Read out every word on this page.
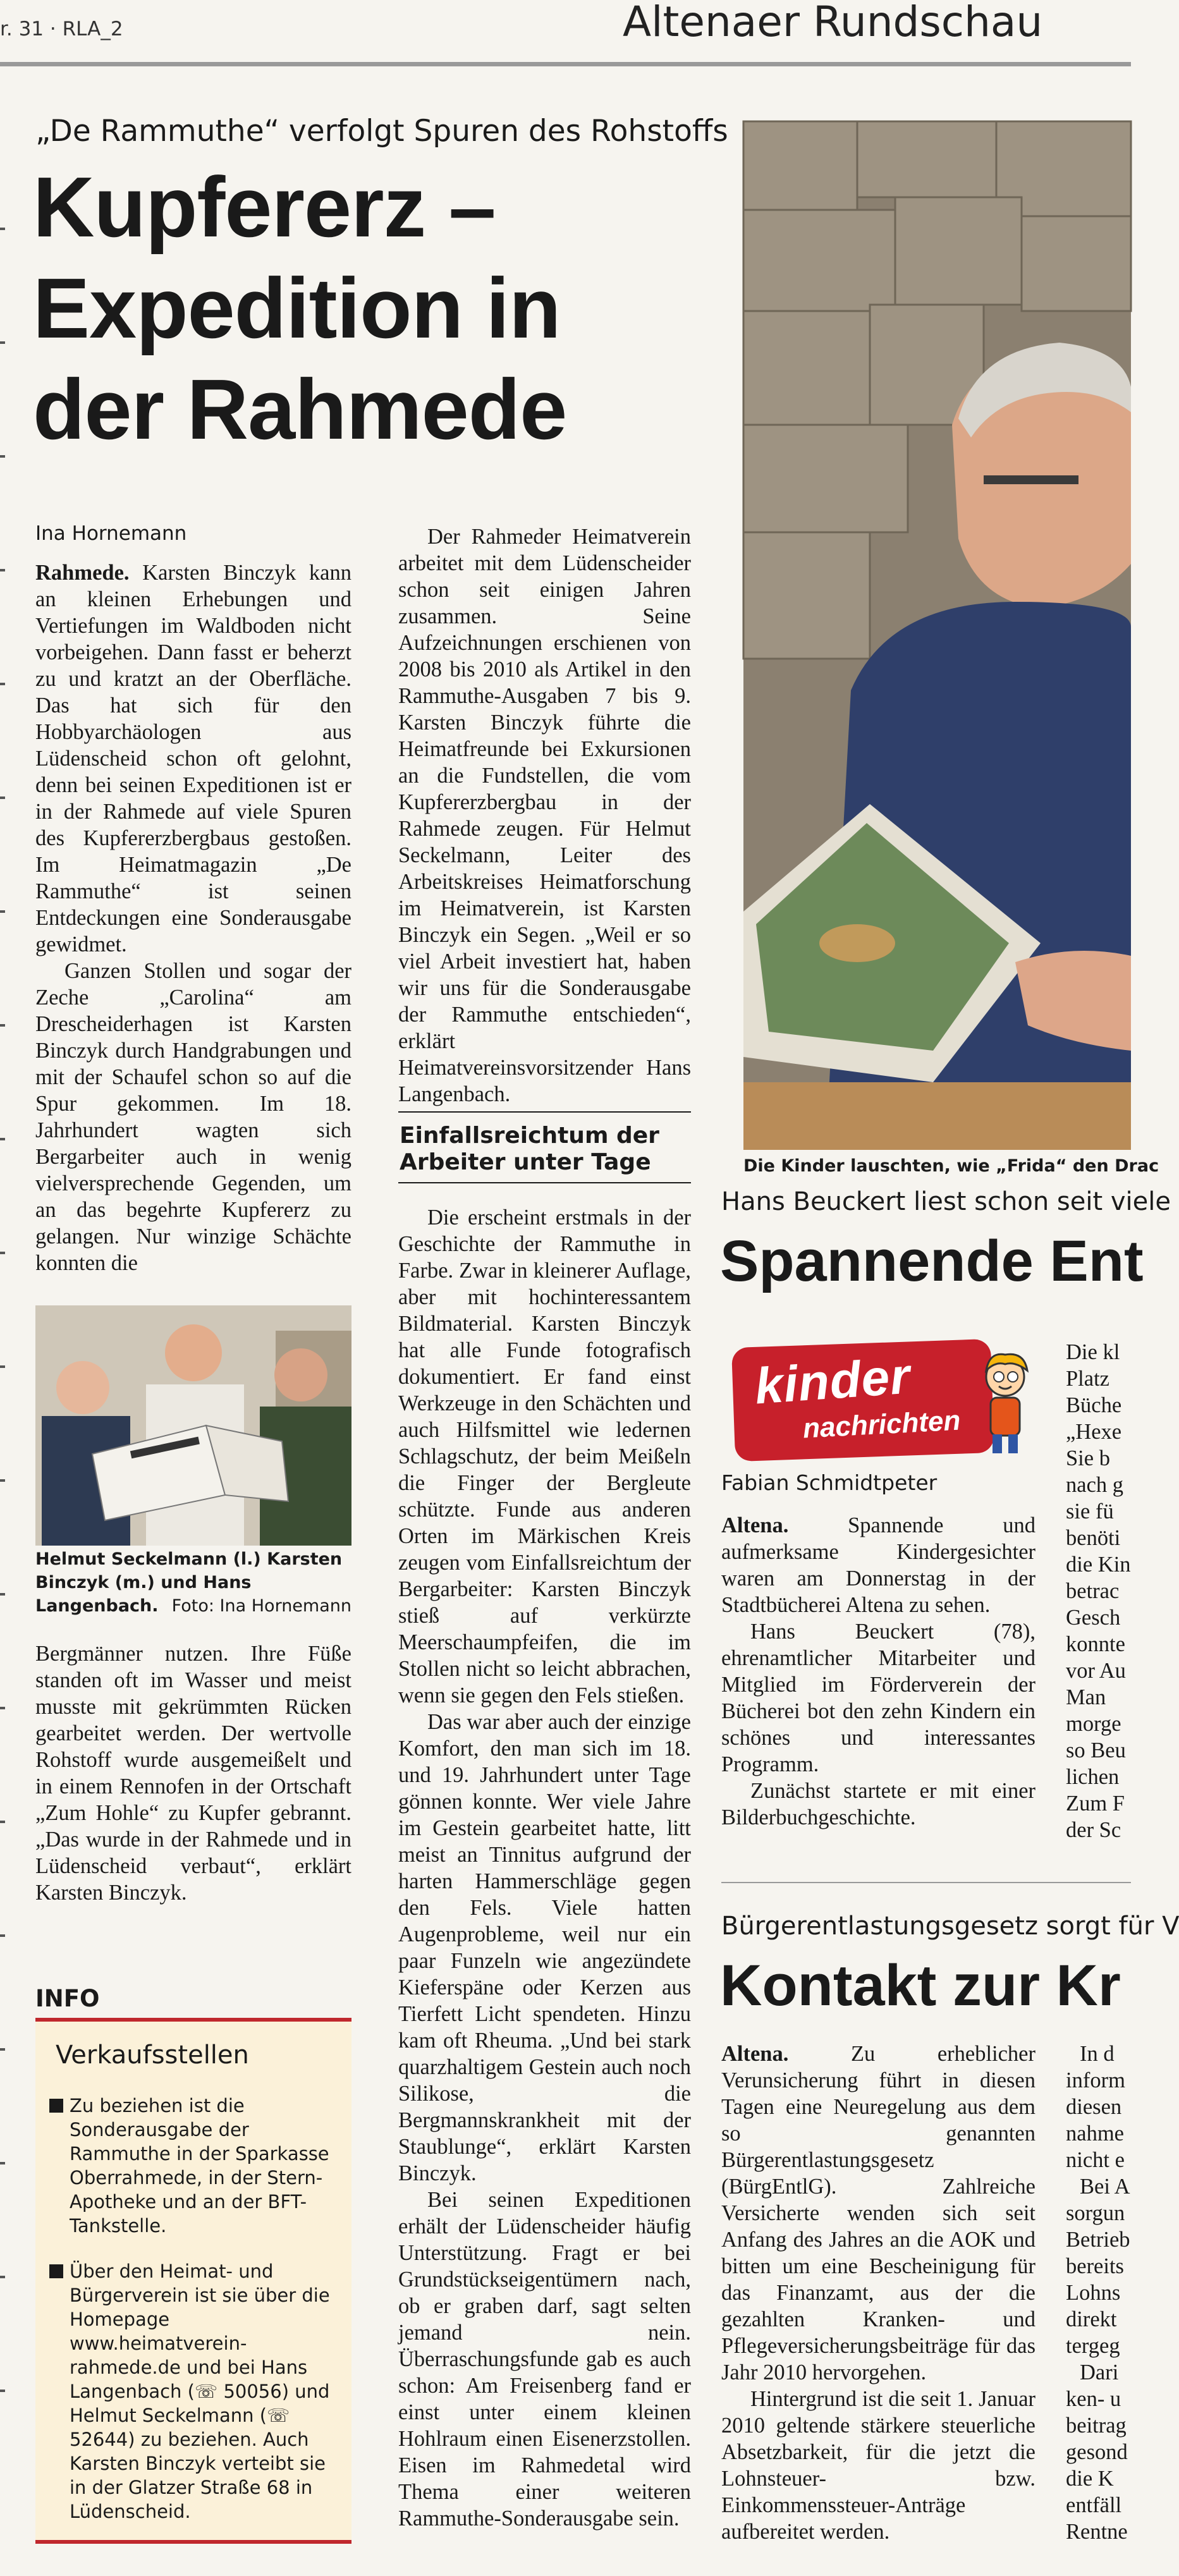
r. 31 · RLA_2	Altenaer Rundschau
„De Rammuthe“ verfolgt Spuren des Rohstoffs
Kupfererz –
Expedition in
der Rahmede
Ina Hornemann

Rahmede. Karsten Binczyk kann an kleinen Erhebungen und Vertiefungen im Waldboden nicht vorbeigehen. Dann fasst er beherzt zu und kratzt an der Oberfläche. Das hat sich für den Hobbyarchäologen aus Lüdenscheid schon oft gelohnt, denn bei seinen Expeditionen ist er in der Rahmede auf viele Spuren des Kupfererzbergbaus gestoßen. Im Heimatmagazin „De Rammuthe“ ist seinen Entdeckungen eine Sonderausgabe gewidmet.

Ganzen Stollen und sogar der Zeche „Carolina“ am Drescheiderhagen ist Karsten Binczyk durch Handgrabungen und mit der Schaufel schon so auf die Spur gekommen. Im 18. Jahrhundert wagten sich Bergarbeiter auch in wenig vielversprechende Gegenden, um an das begehrte Kupfererz zu gelangen. Nur winzige Schächte konnten die

Helmut Seckelmann (l.) Karsten Binczyk (m.) und Hans Langenbach. Foto: Ina Hornemann

Bergmänner nutzen. Ihre Füße standen oft im Wasser und meist musste mit gekrümmten Rücken gearbeitet werden. Der wertvolle Rohstoff wurde ausgemeißelt und in einem Rennofen in der Ortschaft „Zum Hohle“ zu Kupfer gebrannt. „Das wurde in der Rahmede und in Lüdenscheid verbaut“, erklärt Karsten Binczyk.

INFO
Verkaufsstellen
Zu beziehen ist die Sonderausgabe der Rammuthe in der Sparkasse Oberrahmede, in der Stern-Apotheke und an der BFT-Tankstelle.
Über den Heimat- und Bürgerverein ist sie über die Homepage www.heimatverein-rahmede.de und bei Hans Langenbach (☏ 50056) und Helmut Seckelmann (☏ 52644) zu beziehen. Auch Karsten Binczyk verteibt sie in der Glatzer Straße 68 in Lüdenscheid.

Der Rahmeder Heimatverein arbeitet mit dem Lüdenscheider schon seit einigen Jahren zusammen. Seine Aufzeichnungen erschienen von 2008 bis 2010 als Artikel in den Rammuthe-Ausgaben 7 bis 9. Karsten Binczyk führte die Heimatfreunde bei Exkursionen an die Fundstellen, die vom Kupfererzbergbau in der Rahmede zeugen. Für Helmut Seckelmann, Leiter des Arbeitskreises Heimatforschung im Heimatverein, ist Karsten Binczyk ein Segen. „Weil er so viel Arbeit investiert hat, haben wir uns für die Sonderausgabe der Rammuthe entschieden“, erklärt Heimatvereinsvorsitzender Hans Langenbach.

Einfallsreichtum der
Arbeiter unter Tage

Die erscheint erstmals in der Geschichte der Rammuthe in Farbe. Zwar in kleinerer Auflage, aber mit hochinteressantem Bildmaterial. Karsten Binczyk hat alle Funde fotografisch dokumentiert. Er fand einst Werkzeuge in den Schächten und auch Hilfsmittel wie ledernen Schlagschutz, der beim Meißeln die Finger der Bergleute schützte. Funde aus anderen Orten im Märkischen Kreis zeugen vom Einfallsreichtum der Bergarbeiter: Karsten Binczyk stieß auf verkürzte Meerschaumpfeifen, die im Stollen nicht so leicht abbrachen, wenn sie gegen den Fels stießen.

Das war aber auch der einzige Komfort, den man sich im 18. und 19. Jahrhundert unter Tage gönnen konnte. Wer viele Jahre im Gestein gearbeitet hatte, litt meist an Tinnitus aufgrund der harten Hammerschläge gegen den Fels. Viele hatten Augenprobleme, weil nur ein paar Funzeln wie angezündete Kieferspäne oder Kerzen aus Tierfett Licht spendeten. Hinzu kam oft Rheuma. „Und bei stark quarzhaltigem Gestein auch noch Silikose, die Bergmannskrankheit mit der Staublunge“, erklärt Karsten Binczyk.

Bei seinen Expeditionen erhält der Lüdenscheider häufig Unterstützung. Fragt er bei Grundstückseigentümern nach, ob er graben darf, sagt selten jemand nein. Überraschungsfunde gab es auch schon: Am Freisenberg fand er einst unter einem kleinen Hohlraum einen Eisenerzstollen. Eisen im Rahmedetal wird Thema einer weiteren Rammuthe-Sonderausgabe sein.

Die Kinder lauschten, wie „Frida“ den Drac
Hans Beuckert liest schon seit viele
Spannende Ent
kinder
nachrichten
Fabian Schmidtpeter

Altena. Spannende und aufmerksame Kindergesichter waren am Donnerstag in der Stadtbücherei Altena zu sehen.

Hans Beuckert (78), ehrenamtlicher Mitarbeiter und Mitglied im Förderverein der Bücherei bot den zehn Kindern ein schönes und interessantes Programm.

Zunächst startete er mit einer Bilderbuchgeschichte.

Die kl

Platz

Büche

„Hexe

Sie b

nach g

sie fü

benöti

die Kin

betrac

Gesch

konnte

vor Au

Man

morge

so Beu

lichen

Zum F

der Sc

Bürgerentlastungsgesetz sorgt für V
Kontakt zur Kr

Altena. Zu erheblicher Verunsicherung führt in diesen Tagen eine Neuregelung aus dem so genannten Bürgerentlastungsgesetz (BürgEntlG). Zahlreiche Versicherte wenden sich seit Anfang des Jahres an die AOK und bitten um eine Bescheinigung für das Finanzamt, aus der die gezahlten Kranken- und Pflegeversicherungsbeiträge für das Jahr 2010 hervorgehen.

Hintergrund ist die seit 1. Januar 2010 geltende stärkere steuerliche Absetzbarkeit, für die jetzt die Lohnsteuer- bzw. Einkommenssteuer-Anträge aufbereitet werden.

In d

inform

diesen

nahme

nicht e

Bei A

sorgun

Betrieb

bereits

Lohns

direkt

tergeg

Dari

ken- u

beitrag

gesond

die K

entfäll

Rentne
